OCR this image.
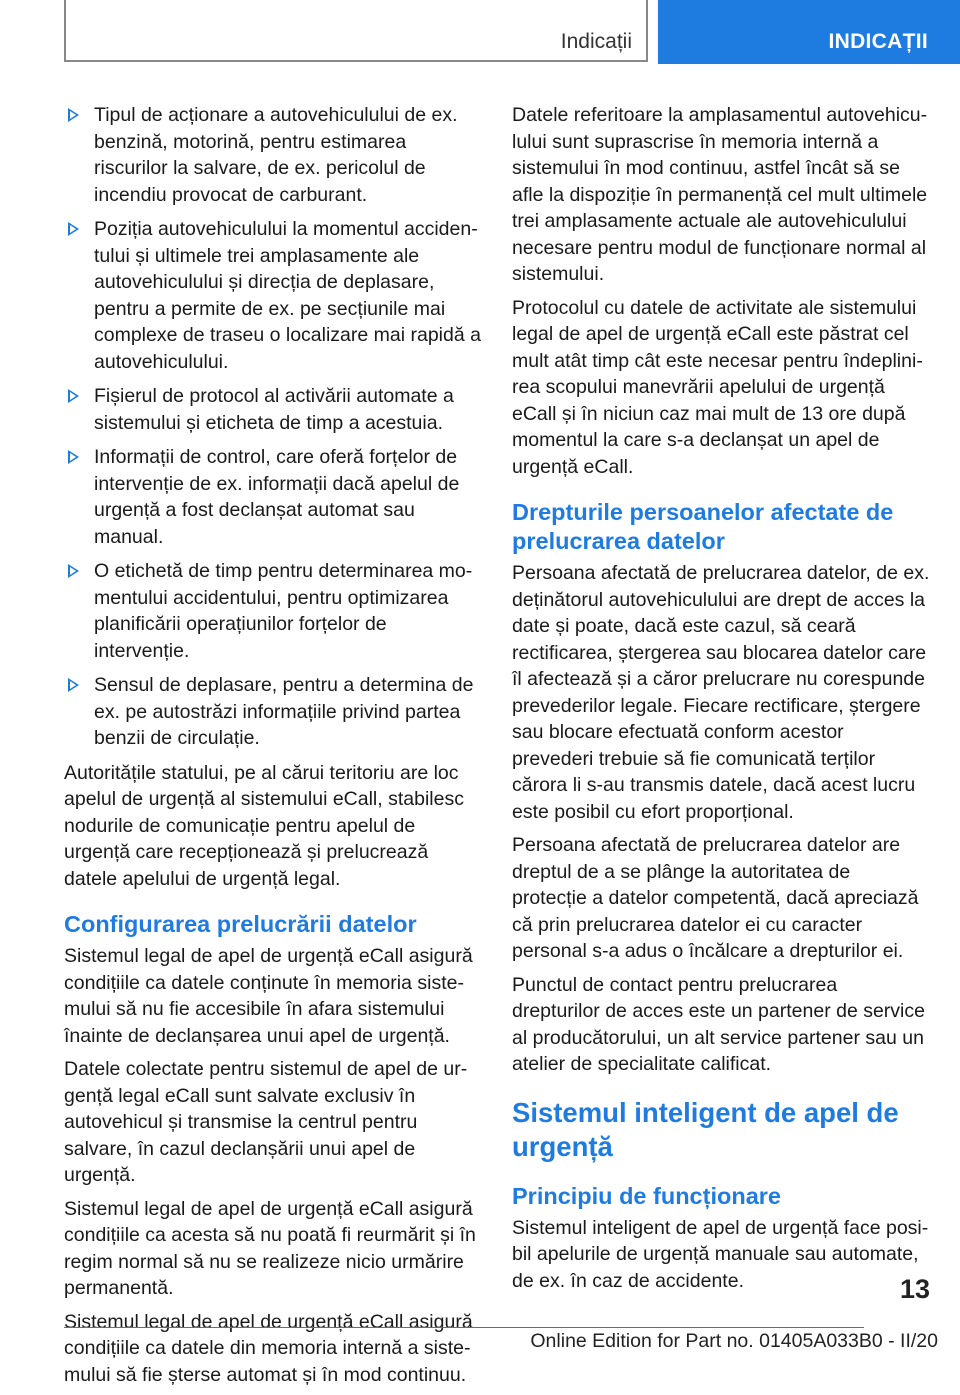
Indicații	INDICAȚII
Tipul de acționare a autovehiculului de ex. benzină, motorină, pentru estimarea riscurilor la salvare, de ex. pericolul de incendiu provocat de carburant.
Poziția autovehiculului la momentul accidentului și ultimele trei amplasamente ale autovehiculului și direcția de deplasare, pentru a permite de ex. pe secțiunile mai complexe de traseu o localizare mai rapidă a autovehiculului.
Fișierul de protocol al activării automate a sistemului și eticheta de timp a acestuia.
Informații de control, care oferă forțelor de intervenție de ex. informații dacă apelul de urgență a fost declanșat automat sau manual.
O etichetă de timp pentru determinarea momentului accidentului, pentru optimizarea planificării operațiunilor forțelor de intervenție.
Sensul de deplasare, pentru a determina de ex. pe autostrăzi informațiile privind partea benzii de circulație.

Autoritățile statului, pe al cărui teritoriu are loc apelul de urgență al sistemului eCall, stabilesc nodurile de comunicație pentru apelul de urgență care recepționează și prelucrează datele apelului de urgență legal.

Configurarea prelucrării datelor

Sistemul legal de apel de urgență eCall asigură condițiile ca datele conținute în memoria sistemului să nu fie accesibile în afara sistemului înainte de declanșarea unui apel de urgență.

Datele colectate pentru sistemul de apel de urgență legal eCall sunt salvate exclusiv în autovehicul și transmise la centrul pentru salvare, în cazul declanșării unui apel de urgență.

Sistemul legal de apel de urgență eCall asigură condițiile ca acesta să nu poată fi reurmărit și în regim normal să nu se realizeze nicio urmărire permanentă.

Sistemul legal de apel de urgență eCall asigură condițiile ca datele din memoria internă a sistemului să fie șterse automat și în mod continuu.

Datele referitoare la amplasamentul autovehiculului sunt suprascrise în memoria internă a sistemului în mod continuu, astfel încât să se afle la dispoziție în permanență cel mult ultimele trei amplasamente actuale ale autovehiculului necesare pentru modul de funcționare normal al sistemului.

Protocolul cu datele de activitate ale sistemului legal de apel de urgență eCall este păstrat cel mult atât timp cât este necesar pentru îndeplinirea scopului manevrării apelului de urgență eCall și în niciun caz mai mult de 13 ore după momentul la care s-a declanșat un apel de urgență eCall.

Drepturile persoanelor afectate de prelucrarea datelor

Persoana afectată de prelucrarea datelor, de ex. deținătorul autovehiculului are drept de acces la date și poate, dacă este cazul, să ceară rectificarea, ștergerea sau blocarea datelor care îl afectează și a căror prelucrare nu corespunde prevederilor legale. Fiecare rectificare, ștergere sau blocare efectuată conform acestor prevederi trebuie să fie comunicată terților cărora li s-au transmis datele, dacă acest lucru este posibil cu efort proporțional.

Persoana afectată de prelucrarea datelor are dreptul de a se plânge la autoritatea de protecție a datelor competentă, dacă apreciază că prin prelucrarea datelor ei cu caracter personal s-a adus o încălcare a drepturilor ei.

Punctul de contact pentru prelucrarea drepturilor de acces este un partener de service al producătorului, un alt service partener sau un atelier de specialitate calificat.

Sistemul inteligent de apel de urgență
Principiu de funcționare

Sistemul inteligent de apel de urgență face posibil apelurile de urgență manuale sau automate, de ex. în caz de accidente.	13
Online Edition for Part no. 01405A033B0 - II/20
